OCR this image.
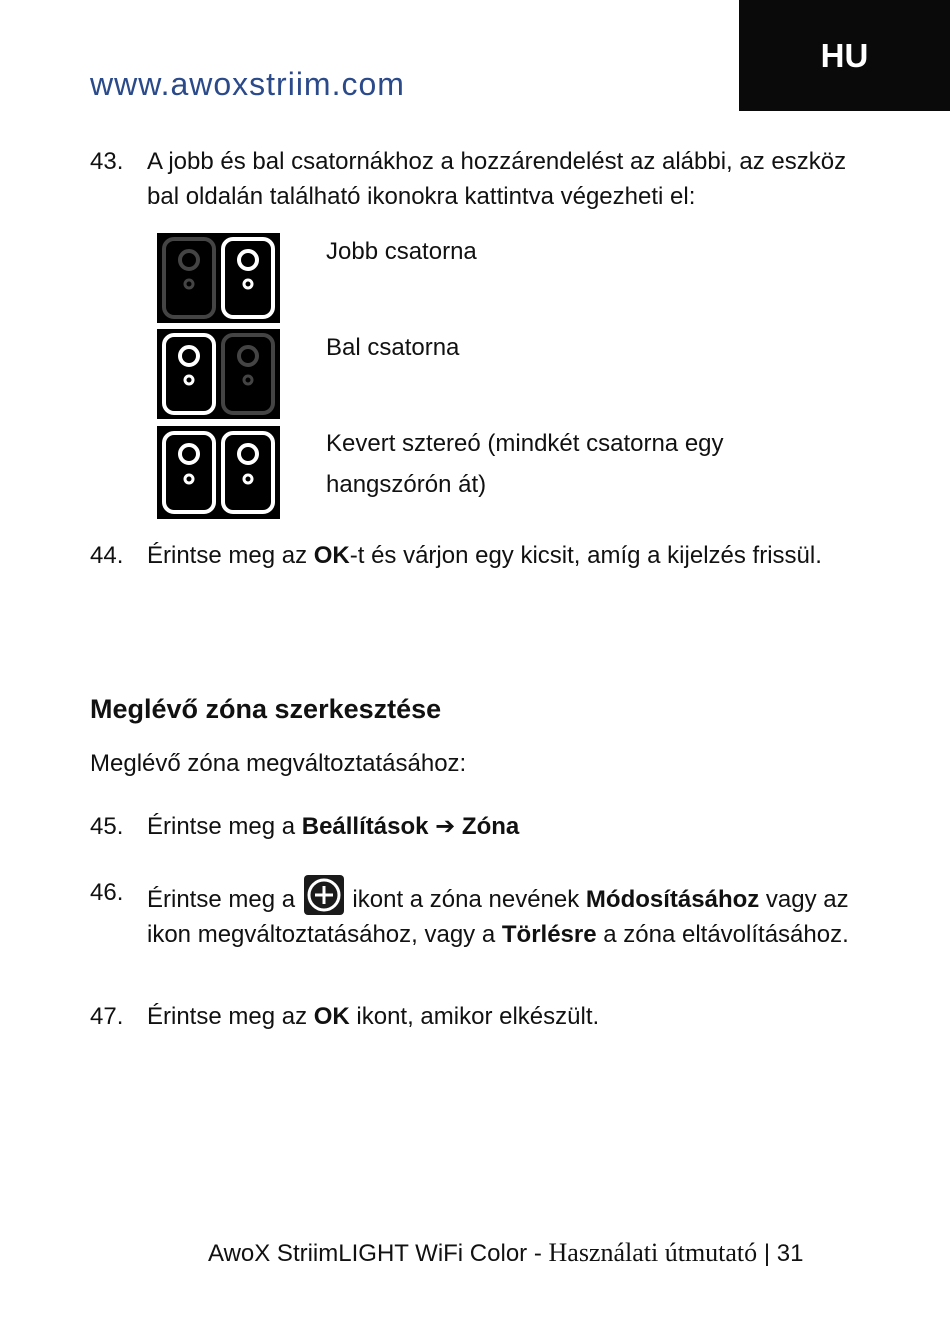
www.awoxstriim.com
HU
43. A jobb és bal csatornákhoz a hozzárendelést az alábbi, az eszköz bal oldalán található ikonokra kattintva végezheti el:
Jobb csatorna
Bal csatorna
Kevert sztereó (mindkét csatorna egy hangszórón át)
44. Érintse meg az OK-t és várjon egy kicsit, amíg a kijelzés frissül.
Meglévő zóna szerkesztése
Meglévő zóna megváltoztatásához:
45. Érintse meg a Beállítások ➔ Zóna
46. Érintse meg a ikont a zóna nevének Módosításához vagy az ikon megváltoztatásához, vagy a Törlésre a zóna eltávolításához.
47. Érintse meg az OK ikont, amikor elkészült.
AwoX StriimLIGHT WiFi Color - Használati útmutató | 31
